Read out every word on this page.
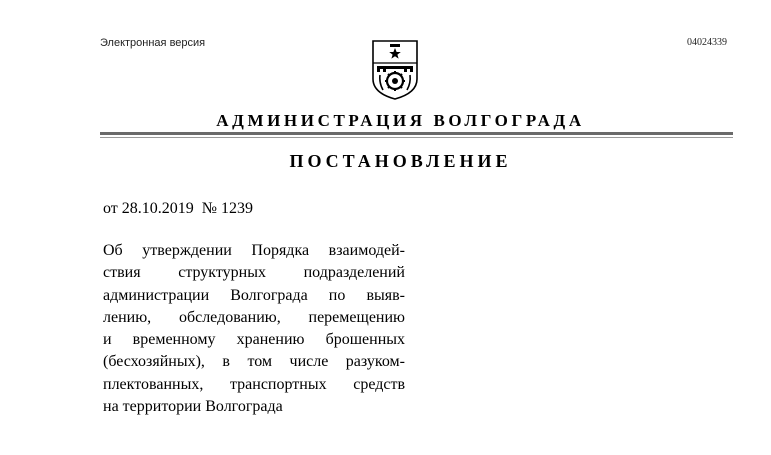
Электронная версия	04024339
АДМИНИСТРАЦИЯ ВОЛГОГРАДА
ПОСТАНОВЛЕНИЕ
от 28.10.2019 № 1239
Об утверждении Порядка взаимодей-
ствия структурных подразделений
администрации Волгограда по выяв-
лению, обследованию, перемещению
и временному хранению брошенных
(бесхозяйных), в том числе разуком-
плектованных, транспортных средств
на территории Волгограда
